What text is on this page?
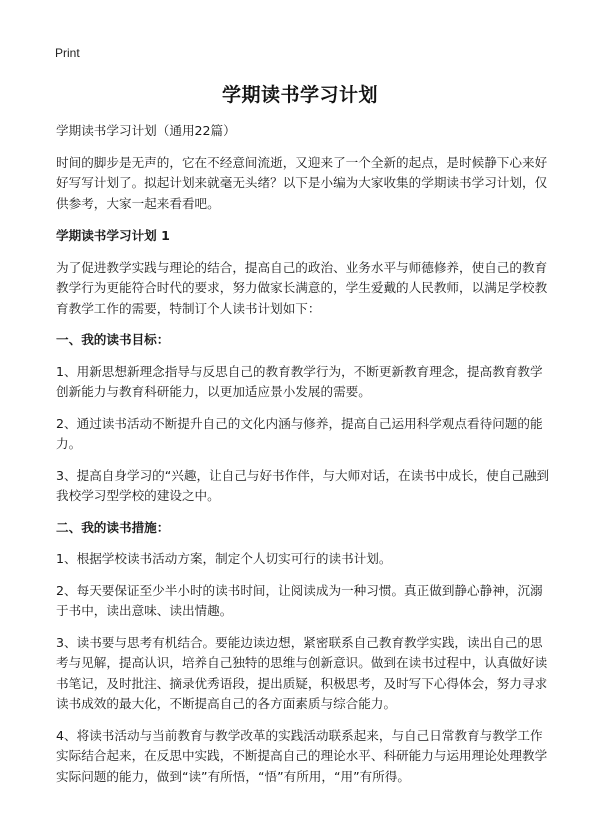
Print
学期读书学习计划

学期读书学习计划（通用22篇）

时间的脚步是无声的，它在不经意间流逝，又迎来了一个全新的起点，是时候静下心来好好写写计划了。拟起计划来就毫无头绪？以下是小编为大家收集的学期读书学习计划，仅供参考，大家一起来看看吧。

学期读书学习计划 1

为了促进教学实践与理论的结合，提高自己的政治、业务水平与师德修养，使自己的教育教学行为更能符合时代的要求，努力做家长满意的，学生爱戴的人民教师，以满足学校教育教学工作的需要，特制订个人读书计划如下：

一、我的读书目标：

1、用新思想新理念指导与反思自己的教育教学行为，不断更新教育理念，提高教育教学创新能力与教育科研能力，以更加适应景小发展的需要。

2、通过读书活动不断提升自己的文化内涵与修养，提高自己运用科学观点看待问题的能力。

3、提高自身学习的“兴趣，让自己与好书作伴，与大师对话，在读书中成长，使自己融到我校学习型学校的建设之中。

二、我的读书措施：

1、根据学校读书活动方案，制定个人切实可行的读书计划。

2、每天要保证至少半小时的读书时间，让阅读成为一种习惯。真正做到静心静神，沉溺于书中，读出意味、读出情趣。

3、读书要与思考有机结合。要能边读边想，紧密联系自己教育教学实践，读出自己的思考与见解，提高认识，培养自己独特的思维与创新意识。做到在读书过程中，认真做好读书笔记，及时批注、摘录优秀语段，提出质疑，积极思考，及时写下心得体会，努力寻求读书成效的最大化，不断提高自己的各方面素质与综合能力。

4、将读书活动与当前教育与教学改革的实践活动联系起来，与自己日常教育与教学工作实际结合起来，在反思中实践，不断提高自己的理论水平、科研能力与运用理论处理教学实际问题的能力，做到“读”有所悟，“悟”有所用，“用”有所得。
